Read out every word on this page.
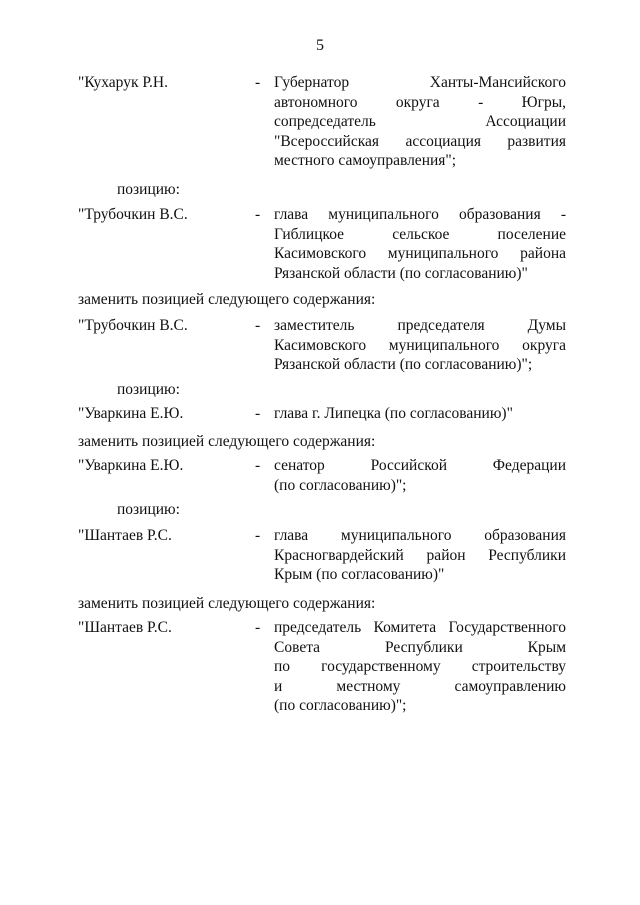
5
"Кухарук Р.Н.	- Губернатор Ханты-Мансийского
автономного округа - Югры,
сопредседатель Ассоциации
"Всероссийская ассоциация развития
местного самоуправления";
позицию:
"Трубочкин В.С.	- глава муниципального образования -
Гиблицкое сельское поселение
Касимовского муниципального района
Рязанской области (по согласованию)"
заменить позицией следующего содержания:
"Трубочкин В.С.	- заместитель председателя Думы
Касимовского муниципального округа
Рязанской области (по согласованию)";
позицию:
"Уваркина Е.Ю.	- глава г. Липецка (по согласованию)"
заменить позицией следующего содержания:
"Уваркина Е.Ю.	- сенатор Российской Федерации
(по согласованию)";
позицию:
"Шантаев Р.С.	- глава муниципального образования
Красногвардейский район Республики
Крым (по согласованию)"
заменить позицией следующего содержания:
"Шантаев Р.С.	- председатель Комитета Государственного
Совета Республики Крым
по государственному строительству
и местному самоуправлению
(по согласованию)";
